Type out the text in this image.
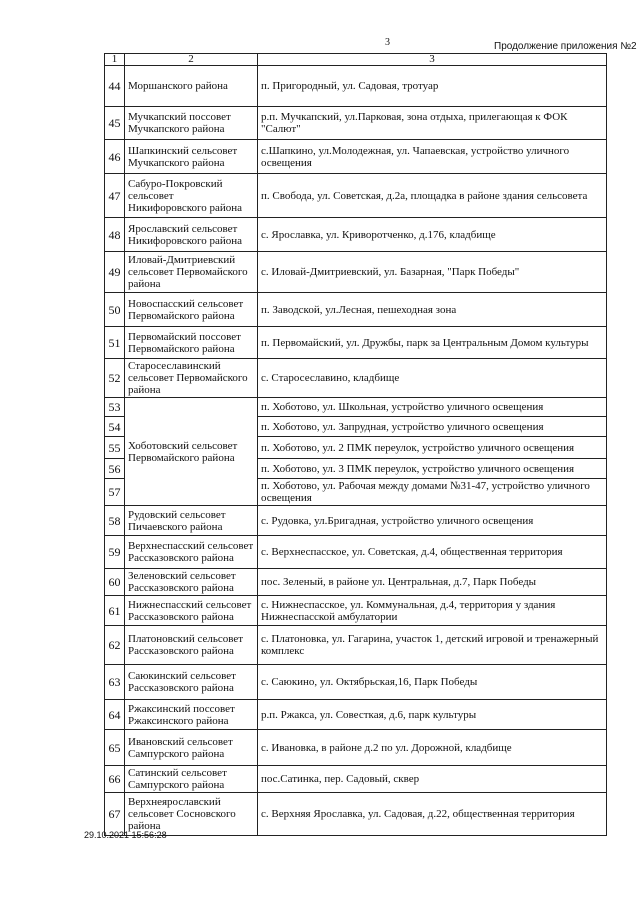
3	Продолжение приложения №2
1	2	3
44	Моршанского района	п. Пригородный, ул. Садовая, тротуар
45	Мучкапский поссовет Мучкапского района	р.п. Мучкапский, ул.Парковая, зона отдыха, прилегающая к ФОК "Салют"
46	Шапкинский сельсовет Мучкапского района	с.Шапкино, ул.Молодежная, ул. Чапаевская, устройство уличного освещения
47	Сабуро-Покровский сельсовет Никифоровского района	п. Свобода, ул. Советская, д.2а, площадка в районе здания сельсовета
48	Ярославский сельсовет Никифоровского района	с. Ярославка, ул. Криворотченко, д.176, кладбище
49	Иловай-Дмитриевский сельсовет Первомайского района	с. Иловай-Дмитриевский, ул. Базарная, "Парк Победы"
50	Новоспасский сельсовет Первомайского района	п. Заводской, ул.Лесная, пешеходная зона
51	Первомайский поссовет Первомайского района	п. Первомайский, ул. Дружбы, парк за Центральным Домом культуры
52	Старосеславинский сельсовет Первомайского района	с. Старосеславино, кладбище
53	Хоботовский сельсовет Первомайского района	п. Хоботово, ул. Школьная, устройство уличного освещения
54		п. Хоботово, ул. Запрудная, устройство уличного освещения
55		п. Хоботово, ул. 2 ПМК переулок, устройство уличного освещения
56		п. Хоботово, ул. 3 ПМК переулок, устройство уличного освещения
57		п. Хоботово, ул. Рабочая между домами №31-47, устройство уличного освещения
58	Рудовский сельсовет Пичаевского района	с. Рудовка, ул.Бригадная, устройство уличного освещения
59	Верхнеспасский сельсовет Рассказовского района	с. Верхнеспасское, ул. Советская, д.4, общественная территория
60	Зеленовский сельсовет Рассказовского района	пос. Зеленый, в районе ул. Центральная, д.7, Парк Победы
61	Нижнеспасский сельсовет Рассказовского района	с. Нижнеспасское, ул. Коммунальная, д.4, территория у здания Нижнеспасской амбулатории
62	Платоновский сельсовет Рассказовского района	с. Платоновка, ул. Гагарина, участок 1, детский игровой и тренажерный комплекс
63	Саюкинский сельсовет Рассказовского района	с. Саюкино, ул. Октябрьская,16, Парк Победы
64	Ржаксинский поссовет Ржаксинского района	р.п. Ржакса, ул. Совесткая, д.6, парк культуры
65	Ивановский сельсовет Сампурского района	с. Ивановка, в районе д.2 по ул. Дорожной, кладбище
66	Сатинский сельсовет Сампурского района	пос.Сатинка, пер. Садовый, сквер
67	Верхнеярославский сельсовет Сосновского района	с. Верхняя Ярославка, ул. Садовая, д.22, общественная территория
29.10.2021 15:56:28
